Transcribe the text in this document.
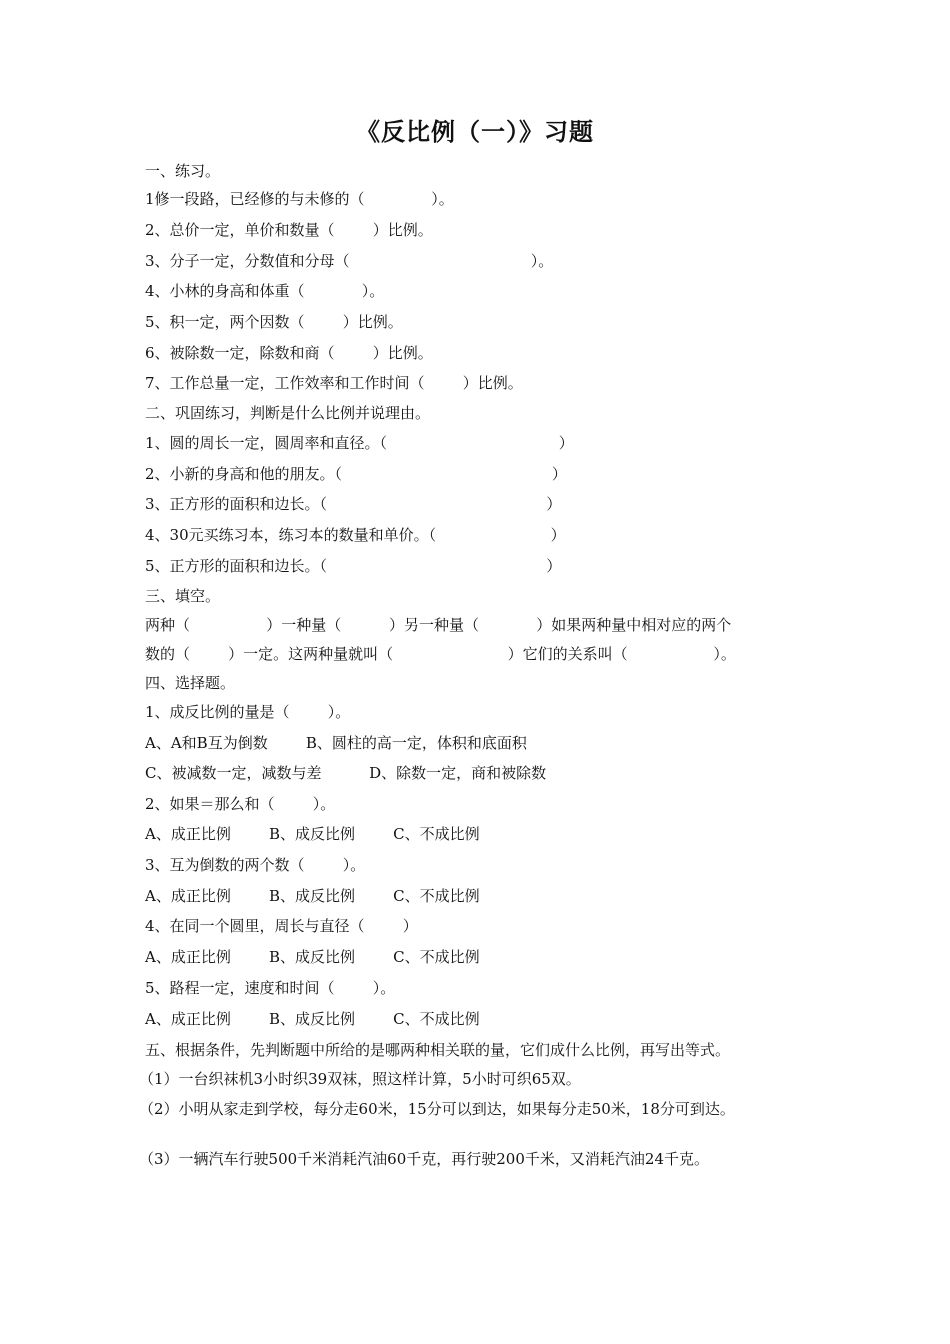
《反比例（一）》习题
一、练习。
1修一段路，已经修的与未修的（              ）。
2、总价一定，单价和数量（        ）比例。
3、分子一定，分数值和分母（                                      ）。
4、小林的身高和体重（            ）。
5、积一定，两个因数（        ）比例。
6、被除数一定，除数和商（        ）比例。
7、工作总量一定，工作效率和工作时间（        ）比例。
二、巩固练习，判断是什么比例并说理由。
1、圆的周长一定，圆周率和直径。（                                    ）
2、小新的身高和他的朋友。（                                            ）
3、正方形的面积和边长。（                                              ）
4、30元买练习本，练习本的数量和单价。（                        ）
5、正方形的面积和边长。（                                              ）
三、填空。
两种（                ）一种量（          ）另一种量（            ）如果两种量中相对应的两个
数的（        ）一定。这两种量就叫（                        ）它们的关系叫（                  ）。
四、选择题。
1、成反比例的量是（        ）。
A、A和B互为倒数        B、圆柱的高一定，体积和底面积
C、被减数一定，减数与差          D、除数一定，商和被除数
2、如果＝那么和（        ）。
A、成正比例        B、成反比例        C、不成比例
3、互为倒数的两个数（        ）。
A、成正比例        B、成反比例        C、不成比例
4、在同一个圆里，周长与直径（        ）
A、成正比例        B、成反比例        C、不成比例
5、路程一定，速度和时间（        ）。
A、成正比例        B、成反比例        C、不成比例
五、根据条件，先判断题中所给的是哪两种相关联的量，它们成什么比例，再写出等式。
（1）一台织袜机3小时织39双袜，照这样计算，5小时可织65双。
（2）小明从家走到学校，每分走60米，15分可以到达，如果每分走50米，18分可到达。
（3）一辆汽车行驶500千米消耗汽油60千克，再行驶200千米，又消耗汽油24千克。
